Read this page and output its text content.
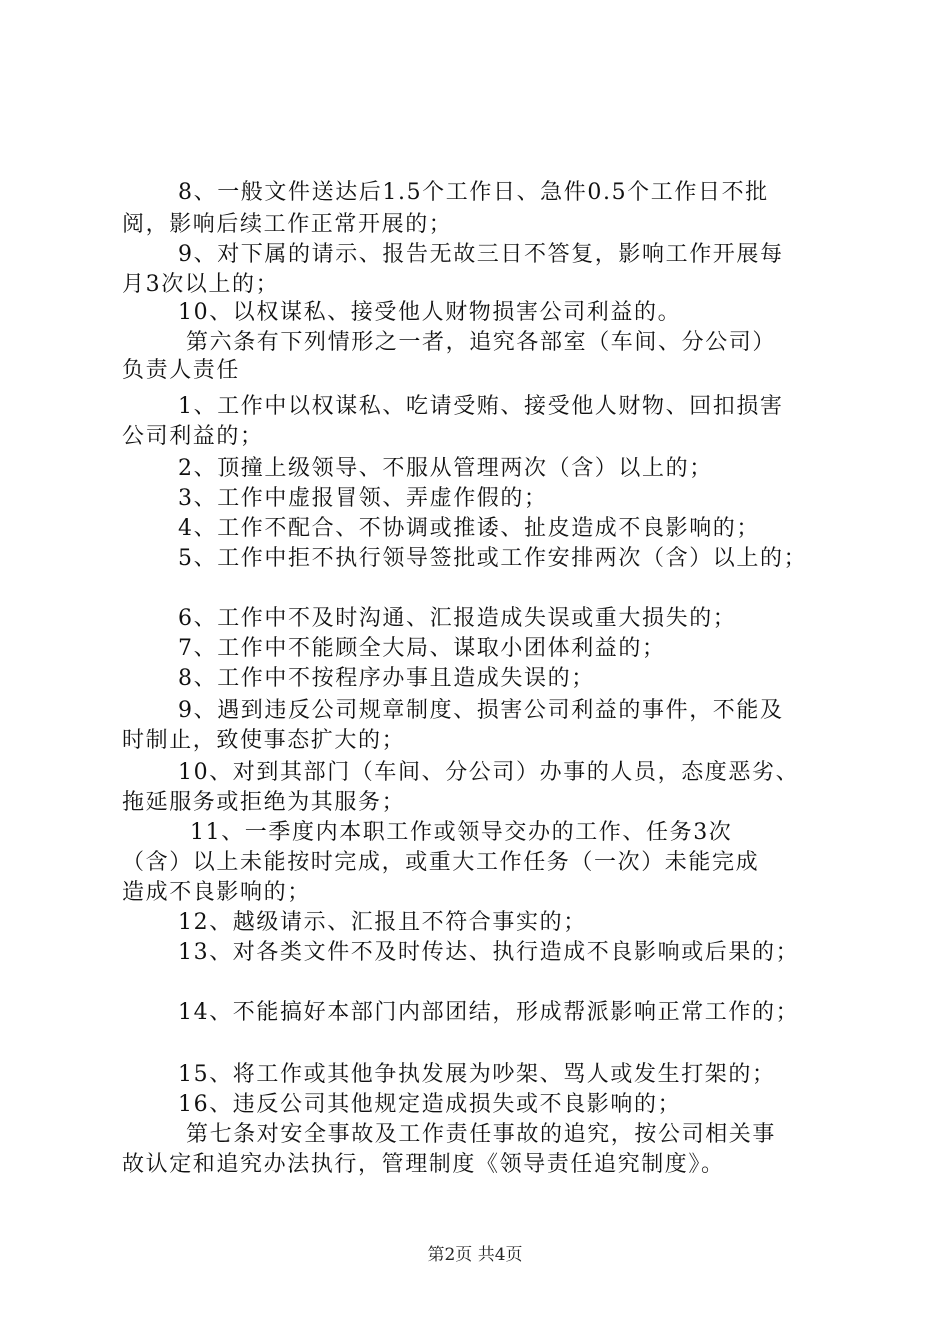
8、一般文件送达后1.5个工作日、急件0.5个工作日不批
阅，影响后续工作正常开展的；
9、对下属的请示、报告无故三日不答复，影响工作开展每
月3次以上的；
10、以权谋私、接受他人财物损害公司利益的。
第六条有下列情形之一者，追究各部室（车间、分公司）
负责人责任
1、工作中以权谋私、吃请受贿、接受他人财物、回扣损害
公司利益的；
2、顶撞上级领导、不服从管理两次（含）以上的；
3、工作中虚报冒领、弄虚作假的；
4、工作不配合、不协调或推诿、扯皮造成不良影响的；
5、工作中拒不执行领导签批或工作安排两次（含）以上的；
6、工作中不及时沟通、汇报造成失误或重大损失的；
7、工作中不能顾全大局、谋取小团体利益的；
8、工作中不按程序办事且造成失误的；
9、遇到违反公司规章制度、损害公司利益的事件，不能及
时制止，致使事态扩大的；
10、对到其部门（车间、分公司）办事的人员，态度恶劣、
拖延服务或拒绝为其服务；
11、一季度内本职工作或领导交办的工作、任务3次
（含）以上未能按时完成，或重大工作任务（一次）未能完成
造成不良影响的；
12、越级请示、汇报且不符合事实的；
13、对各类文件不及时传达、执行造成不良影响或后果的；
14、不能搞好本部门内部团结，形成帮派影响正常工作的；
15、将工作或其他争执发展为吵架、骂人或发生打架的；
16、违反公司其他规定造成损失或不良影响的；
第七条对安全事故及工作责任事故的追究，按公司相关事
故认定和追究办法执行，管理制度《领导责任追究制度》。
第2页 共4页
